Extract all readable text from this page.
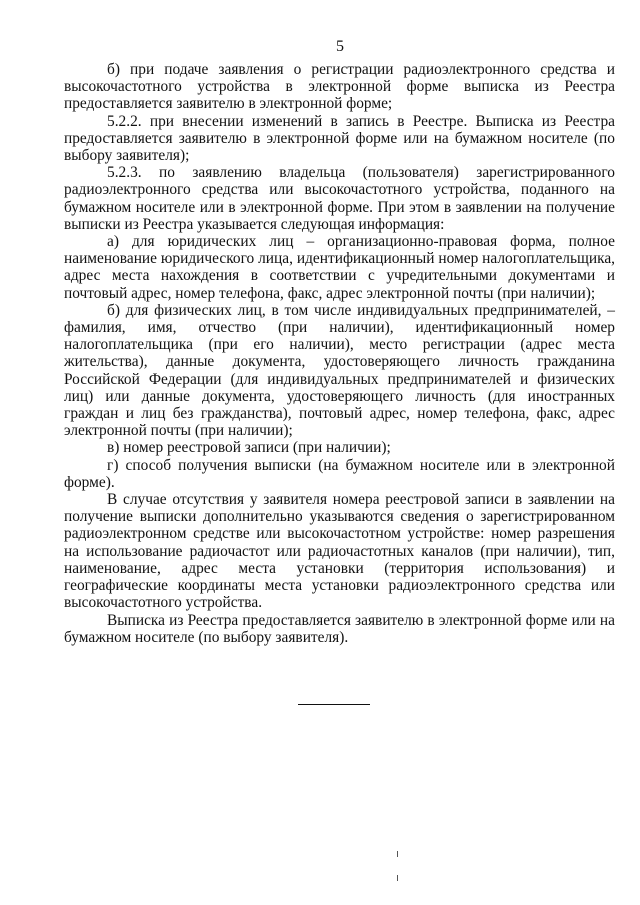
5

б) при подаче заявления о регистрации радиоэлектронного средства и высокочастотного устройства в электронной форме выписка из Реестра предоставляется заявителю в электронной форме;

5.2.2. при внесении изменений в запись в Реестре. Выписка из Реестра предоставляется заявителю в электронной форме или на бумажном носителе (по выбору заявителя);

5.2.3. по заявлению владельца (пользователя) зарегистрированного радиоэлектронного средства или высокочастотного устройства, поданного на бумажном носителе или в электронной форме. При этом в заявлении на получение выписки из Реестра указывается следующая информация:

а) для юридических лиц – организационно-правовая форма, полное наименование юридического лица, идентификационный номер налогоплательщика, адрес места нахождения в соответствии с учредительными документами и почтовый адрес, номер телефона, факс, адрес электронной почты (при наличии);

б) для физических лиц, в том числе индивидуальных предпринимателей, – фамилия, имя, отчество (при наличии), идентификационный номер налогоплательщика (при его наличии), место регистрации (адрес места жительства), данные документа, удостоверяющего личность гражданина Российской Федерации (для индивидуальных предпринимателей и физических лиц) или данные документа, удостоверяющего личность (для иностранных граждан и лиц без гражданства), почтовый адрес, номер телефона, факс, адрес электронной почты (при наличии);

в) номер реестровой записи (при наличии);

г) способ получения выписки (на бумажном носителе или в электронной форме).

В случае отсутствия у заявителя номера реестровой записи в заявлении на получение выписки дополнительно указываются сведения о зарегистрированном радиоэлектронном средстве или высокочастотном устройстве: номер разрешения на использование радиочастот или радиочастотных каналов (при наличии), тип, наименование, адрес места установки (территория использования) и географические координаты места установки радиоэлектронного средства или высокочастотного устройства.

Выписка из Реестра предоставляется заявителю в электронной форме или на бумажном носителе (по выбору заявителя).
